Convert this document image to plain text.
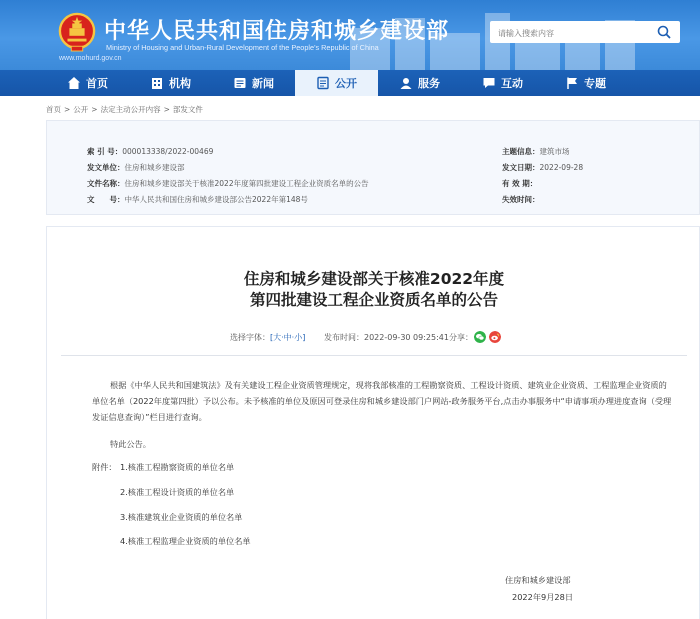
中华人民共和国住房和城乡建设部
Ministry of Housing and Urban-Rural Development of the People's Republic of China
www.mohurd.gov.cn
请输入搜索内容
首页	机构	新闻	公开	服务	互动	专题
首页 > 公开 > 法定主动公开内容 > 部发文件
索 引 号：000013338/2022-00469
发文单位：住房和城乡建设部
文件名称：住房和城乡建设部关于核准2022年度第四批建设工程企业资质名单的公告
文　　号：中华人民共和国住房和城乡建设部公告2022年第148号
主题信息：建筑市场
发文日期：2022-09-28
有 效 期：
失效时间：
住房和城乡建设部关于核准2022年度
第四批建设工程企业资质名单的公告
选择字体：[大·中·小] 发布时间：2022-09-30 09:25:41 分享：
根据《中华人民共和国建筑法》及有关建设工程企业资质管理规定，现将我部核准的工程勘察资质、工程设计资质、建筑业企业资质、工程监理企业资质的单位名单（2022年度第四批）予以公布。未予核准的单位及原因可登录住房和城乡建设部门户网站-政务服务平台,点击办事服务中“申请事项办理进度查询（受理发证信息查询）”栏目进行查询。
特此公告。
附件： 1.核准工程勘察资质的单位名单
2.核准工程设计资质的单位名单
3.核准建筑业企业资质的单位名单
4.核准工程监理企业资质的单位名单
住房和城乡建设部
2022年9月28日
